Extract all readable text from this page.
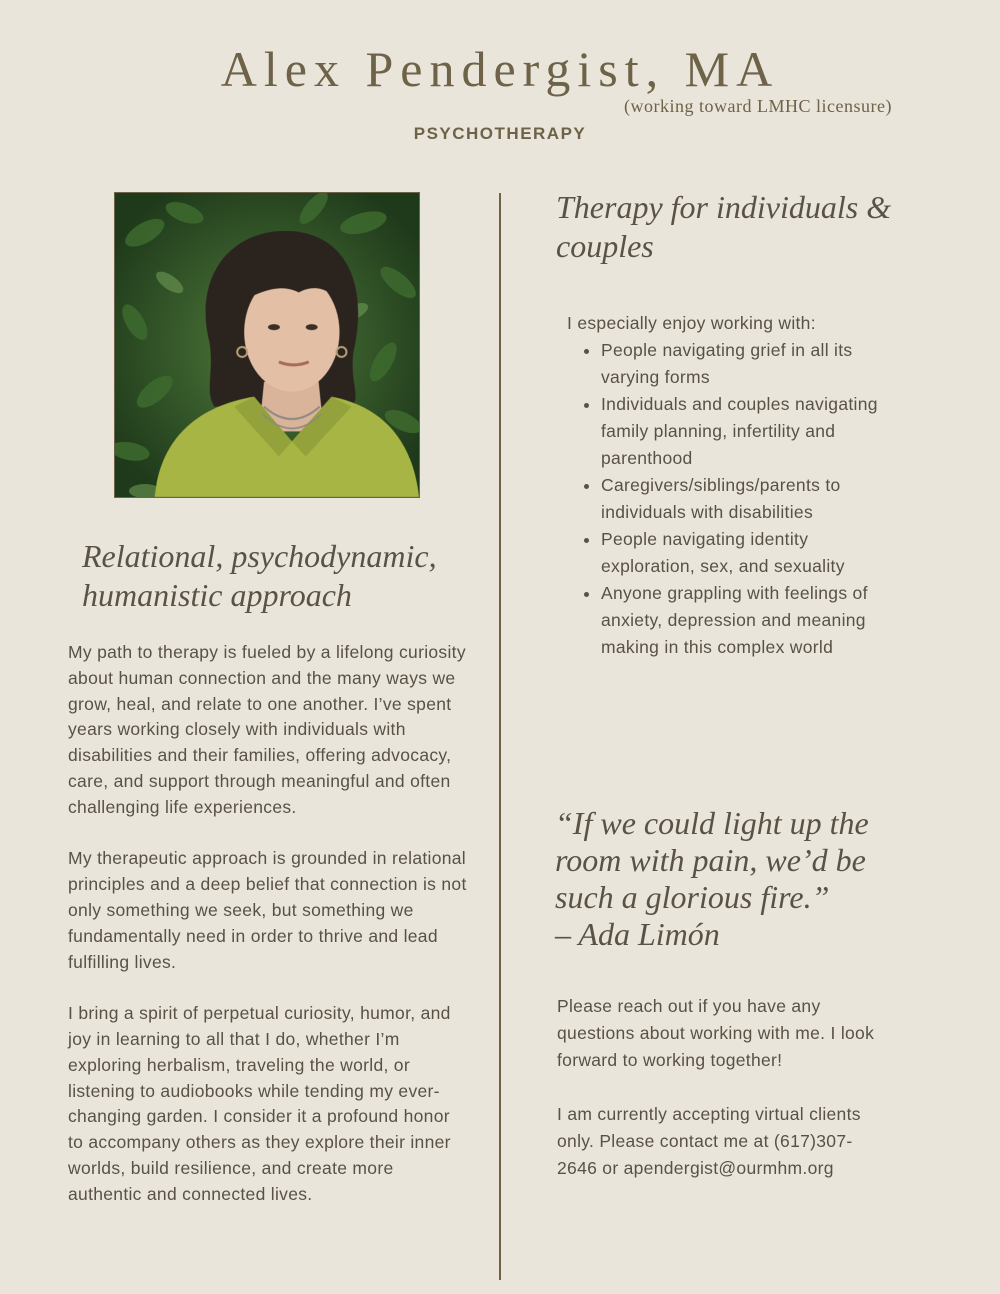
Alex Pendergist, MA
(working toward LMHC licensure)
PSYCHOTHERAPY
Relational, psychodynamic, humanistic approach

My path to therapy is fueled by a lifelong curiosity about human connection and the many ways we grow, heal, and relate to one another. I’ve spent years working closely with individuals with disabilities and their families, offering advocacy, care, and support through meaningful and often challenging life experiences.

My therapeutic approach is grounded in relational principles and a deep belief that connection is not only something we seek, but something we fundamentally need in order to thrive and lead fulfilling lives.

I bring a spirit of perpetual curiosity, humor, and joy in learning to all that I do, whether I’m exploring herbalism, traveling the world, or listening to audiobooks while tending my ever-changing garden. I consider it a profound honor to accompany others as they explore their inner worlds, build resilience, and create more authentic and connected lives.

Therapy for individuals & couples
I especially enjoy working with:
• People navigating grief in all its varying forms
• Individuals and couples navigating family planning, infertility and parenthood
• Caregivers/siblings/parents to individuals with disabilities
• People navigating identity exploration, sex, and sexuality
• Anyone grappling with feelings of anxiety, depression and meaning making in this complex world
“If we could light up the room with pain, we’d be such a glorious fire.”
– Ada Limón

Please reach out if you have any questions about working with me. I look forward to working together!

I am currently accepting virtual clients only. Please contact me at (617)307-2646 or apendergist@ourmhm.org
